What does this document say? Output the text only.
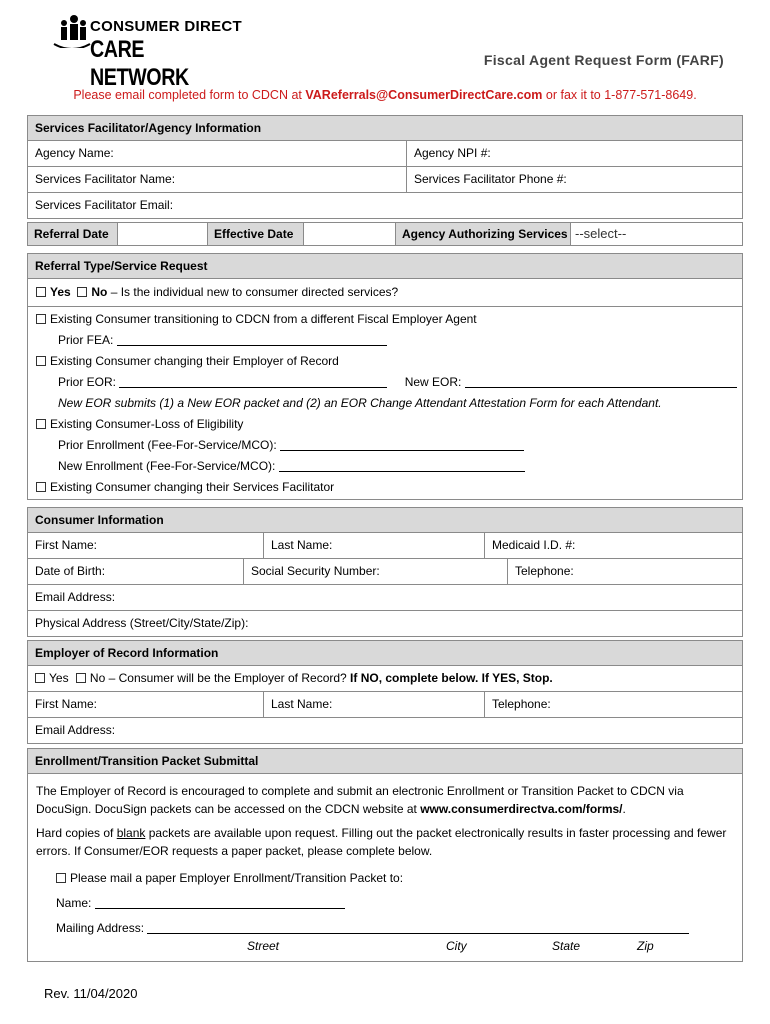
CONSUMER DIRECT
CARE NETWORK
Fiscal Agent Request Form (FARF)
Please email completed form to CDCN at VAReferrals@ConsumerDirectCare.com or fax it to 1-877-571-8649.
Services Facilitator/Agency Information
Agency Name:	Agency NPI #:
Services Facilitator Name:	Services Facilitator Phone #:
Services Facilitator Email:
Referral Date	Effective Date	Agency Authorizing Services --select--
Referral Type/Service Request
Yes No – Is the individual new to consumer directed services?
Existing Consumer transitioning to CDCN from a different Fiscal Employer Agent
Prior FEA:
Existing Consumer changing their Employer of Record
Prior EOR:	New EOR:
New EOR submits (1) a New EOR packet and (2) an EOR Change Attendant Attestation Form for each Attendant.
Existing Consumer-Loss of Eligibility
Prior Enrollment (Fee-For-Service/MCO):
New Enrollment (Fee-For-Service/MCO):
Existing Consumer changing their Services Facilitator
Consumer Information
First Name:	Last Name:	Medicaid I.D. #:
Date of Birth:	Social Security Number:	Telephone:
Email Address:
Physical Address (Street/City/State/Zip):
Employer of Record Information
Yes No – Consumer will be the Employer of Record? If NO, complete below. If YES, Stop.
First Name:	Last Name:	Telephone:
Email Address:
Enrollment/Transition Packet Submittal
The Employer of Record is encouraged to complete and submit an electronic Enrollment or Transition Packet to CDCN via DocuSign. DocuSign packets can be accessed on the CDCN website at www.consumerdirectva.com/forms/.
Hard copies of blank packets are available upon request. Filling out the packet electronically results in faster processing and fewer errors. If Consumer/EOR requests a paper packet, please complete below.
Please mail a paper Employer Enrollment/Transition Packet to:
Name:
Mailing Address:
Street	City	State	Zip
Rev. 11/04/2020
